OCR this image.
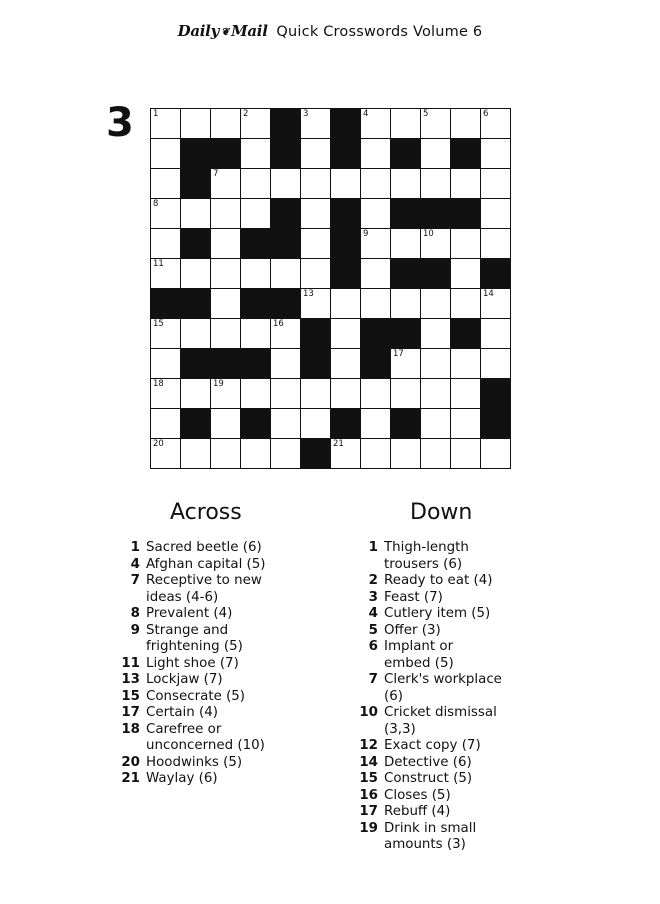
Daily ❦ Mail Quick Crosswords Volume 6
3 1	2	3	4	5	6
7
8
9	10
11
13	14
15	16
17
18	19
20	21
Across	Down
1 Sacred beetle (6)
4 Afghan capital (5)
7 Receptive to new ideas (4-6)
8 Prevalent (4)
9 Strange and frightening (5)
11 Light shoe (7)
13 Lockjaw (7)
15 Consecrate (5)
17 Certain (4)
18 Carefree or unconcerned (10)
20 Hoodwinks (5)
21 Waylay (6)
1 Thigh-length trousers (6)
2 Ready to eat (4)
3 Feast (7)
4 Cutlery item (5)
5 Offer (3)
6 Implant or embed (5)
7 Clerk's workplace (6)
10 Cricket dismissal (3,3)
12 Exact copy (7)
14 Detective (6)
15 Construct (5)
16 Closes (5)
17 Rebuff (4)
19 Drink in small amounts (3)
